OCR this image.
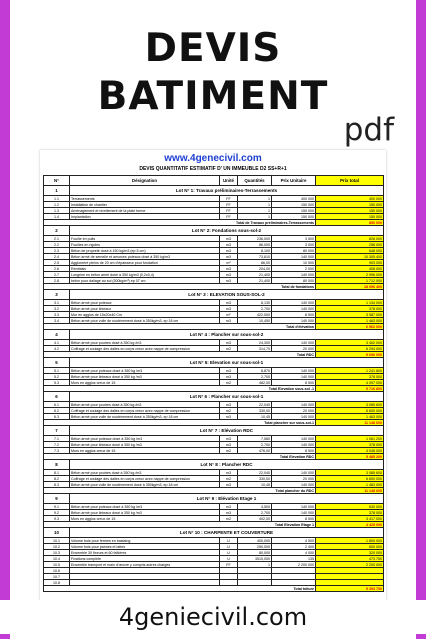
DEVIS
BATIMENT
pdf
www.4genecivil.com
DEVIS QUANTITATIF ESTIMATIF D' UN IMMEUBLE D2 SS+R+1
N°	Désignation	Unité	Quantités	Prix Unitaire	Prix total
1	Lot N° 1: Travaux préliminaires-Terrassements				
1.1	Terrassements	FF	1	400 000	400 000
1.2	Installation de chantier	FF	1	150 000	150 000
1.3	Aménagement et nivellement de la plate forme	FF	1	150 000	150 000
1.4	Implantation	FF	1	150 000	150 000
Total de Travaux préliminaires-Terrassements					850 000
2	Lot N° 2: Fondations sous-sol-2				
2.1	Fouille en puits	m3	236,000	3 500	826 000
2.2	Fouilles en rigoles	m3	86,000	3 000	258 000
2.3	Béton de propreté dosé à 150 kg/m3 (ep 5 cm)	m3	8,100	80 000	648 000
2.4	Béton armé de semelle et amorces poteaux dosé à 350 kg/m3	m3	73,610	140 000	10 305 400
2.5	Aggloméré pleins de 20 cm d'épaisseur pour fondation	m²	86,00	10 500	903 000
2.6	Remblais	m3	204,00	2 000	408 000
2.7	Longrine en béton armé dosé à 350 kg/m3 (0,2x0,4)	m3	21,400	140 000	2 996 000
2.8	béton pour dallage au sol (300kg/m³) ep 07 cm	m3	21,400	80 000	1 712 000
Total de fondations					18 056 400
3	Lot N° 3 : ELEVATION SOUS-SOL-2				
3.1	Béton armé pour poteaux	m3	8,130	140 000	1 134 000
3.2	Béton armé pour linteaux	m3	2,700	140 000	378 000
3.3	Mur en agglos de 15x20x40 Cm	m²	422,000	8 500	3 587 000
3.4	Béton armé pour voile de soutènement dosé à 350kg/m3, ep 18 cm	m3	10,450	140 000	1 463 000
Total d'élévation					6 562 000
4	Lot N° 4 : Plancher sur sous-sol-2				
4.1	Béton armé pour poutres dosé à 350 kg /m3	m3	24,300	140 000	3 402 000
4.2	Coffrage et coulage des dalles en corps creux avec nappe de compression	m2	314,70	20 000	6 294 000
Total RDC					9 696 000
5	Lot N° 5: Elevation sur sous-sol-1				
5.1	Béton armé pour poteaux dosé à 350 kg /m3	m3	8,870	140 000	1 241 800
5.2	Béton armé pour linteaux dosé à 350 kg /m3	m3	2,700	140 000	378 000
5.3	Murs en agglos creux de 15	m2	482,00	8 500	4 097 000
Total Elevation sous-sol -1					5 716 800
6	Lot N° 6 : Plancher sur sous-sol-1				
6.1	Béton armé pour poutres dosé à 350 kg /m3	m3	22,040	140 000	3 085 600
6.2	Coffrage et coulage des dalles en corps creux avec nappe de compression	m2	330,00	20 000	6 600 000
6.3	Béton armé pour voile de soutènement dosé à 350kg/m3, ep 18 cm	m3	10,45	140 000	1 463 000
Total plancher sur sous-sol-1					11 148 600
7	Lot N° 7 : Elévation RDC				
7.1	Béton armé pour poteaux dosé à 350 kg /m3	m3	7,580	140 000	1 061 200
7.2	Béton armé pour linteaux dosé à 350 kg /m3	m3	2,700	140 000	378 000
7.3	Murs en agglos creux de 15	m2	476,00	8 500	4 046 000
Total Elevation RDC					5 485 200
8	Lot N° 8 : Plancher RDC				
8.1	Béton armé pour poutres dosé à 350 kg /m3	m3	22,040	140 000	3 085 600
8.2	Coffrage et coulage des dalles en corps creux avec nappe de compression	m2	330,00	20 000	6 600 000
8.3	Béton armé pour voile de soutènement dosé à 350kg/m3, ep 18 cm	m3	10,45	140 000	1 463 000
Total plancher du RDC					11 148 600
9	Lot N° 9 : Elévation Etage 1				
9.1	Béton armé pour poteaux dosé à 350 kg /m3	m3	4,500	140 000	630 000
9.2	Béton armé pour linteaux dosé à 350 kg /m3	m3	2,700	140 000	378 000
9.3	Murs en agglos creux de 15	m2	402,00	8 500	3 417 000
Total Elevation Etage 1					4 425 000
10	Lot N° 10 : CHARPENTE ET COUVERTURE				
10.1	Volume bois pour fermes en bastaing	U	400,000	4 500	1 800 000
10.2	Volume bois pour pannes et lattes	U	250,000	2 400	600 000
10.3	Ensemble 30 fixeurs et 60 faîtières	U	80,000	4 000	320 000
10.4	Fixations complète	U	3510,000	135	473 750
10.5	Ensemble transport et main d'œuvre y compris autres charges	FF	1	2 200 000	2 200 000
10.6					
10.7					
10.8					
Total toiture					5 393 750
4geniecivil.com
